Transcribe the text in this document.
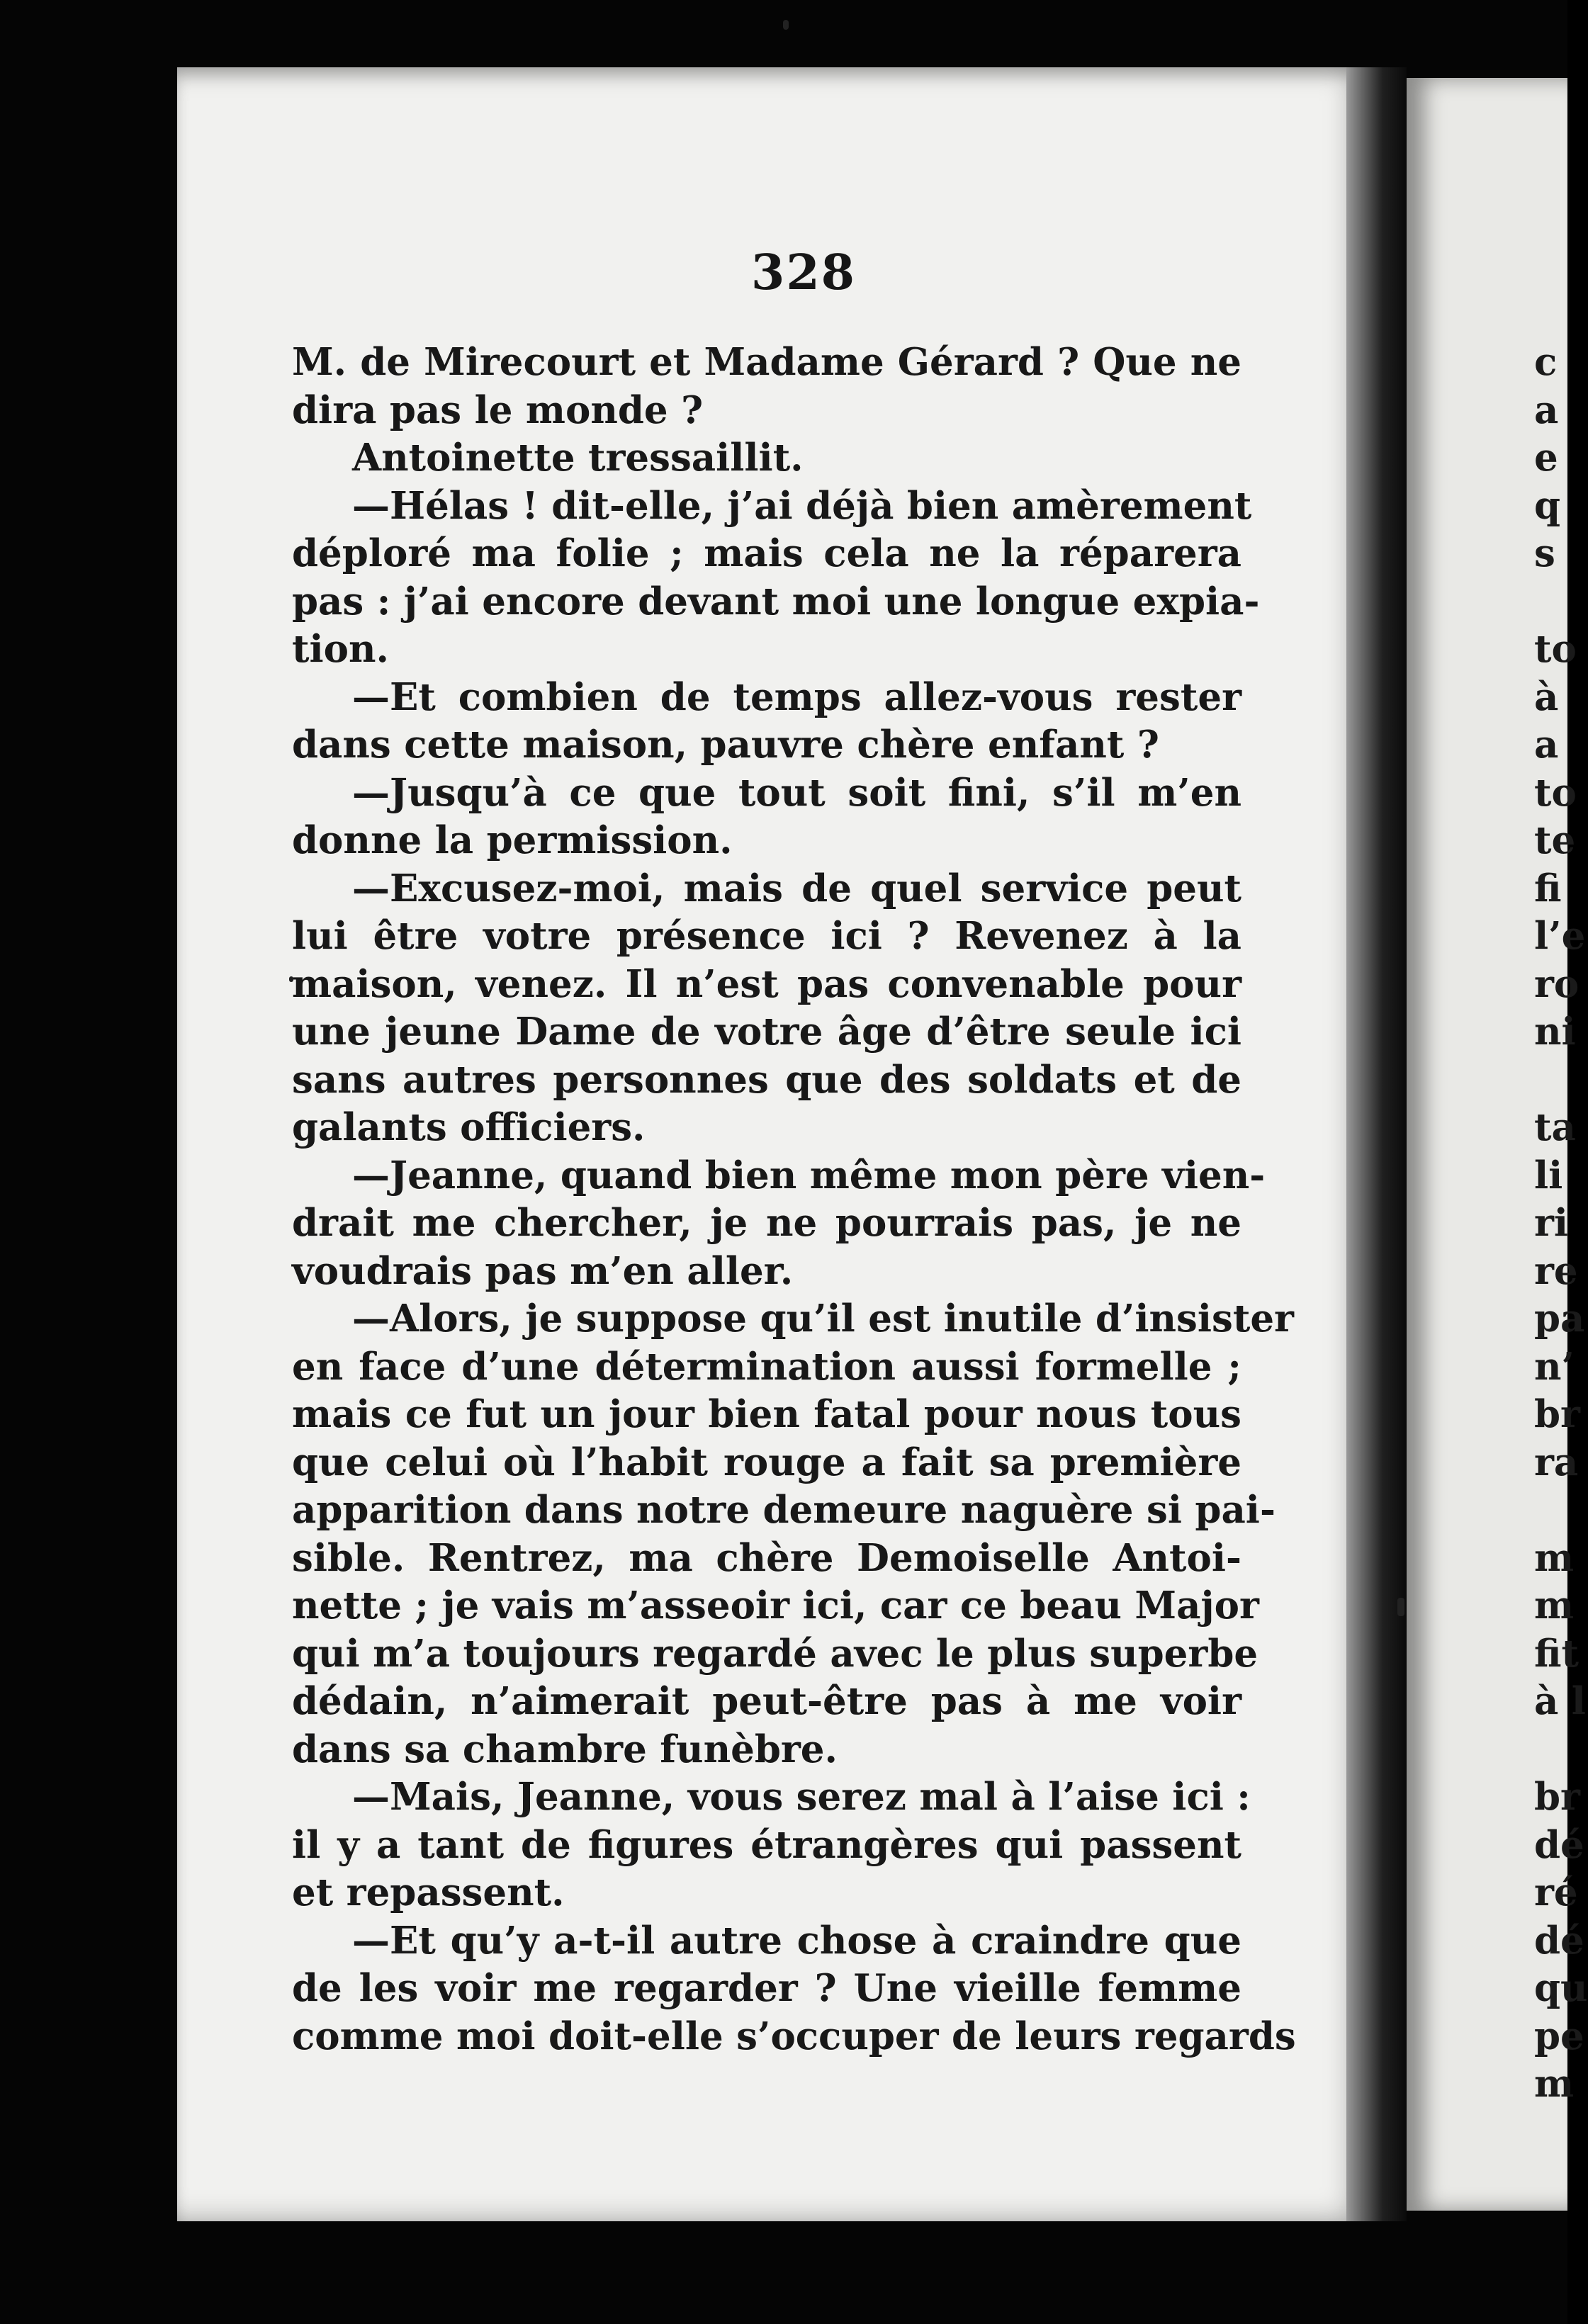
328
M. de Mirecourt et Madame Gérard ? Que ne
dira pas le monde ?
Antoinette tressaillit.
—Hélas ! dit-elle, j’ai déjà bien amèrement
déploré ma folie ; mais cela ne la réparera
pas : j’ai encore devant moi une longue expia-
tion.
—Et combien de temps allez-vous rester
dans cette maison, pauvre chère enfant ?
—Jusqu’à ce que tout soit fini, s’il m’en
donne la permission.
—Excusez-moi, mais de quel service peut
lui être votre présence ici ? Revenez à la
maison, venez. Il n’est pas convenable pour
une jeune Dame de votre âge d’être seule ici
sans autres personnes que des soldats et de
galants officiers.
—Jeanne, quand bien même mon père vien-
drait me chercher, je ne pourrais pas, je ne
voudrais pas m’en aller.
—Alors, je suppose qu’il est inutile d’insister
en face d’une détermination aussi formelle ;
mais ce fut un jour bien fatal pour nous tous
que celui où l’habit rouge a fait sa première
apparition dans notre demeure naguère si pai-
sible. Rentrez, ma chère Demoiselle Antoi-
nette ; je vais m’asseoir ici, car ce beau Major
qui m’a toujours regardé avec le plus superbe
dédain, n’aimerait peut-être pas à me voir
dans sa chambre funèbre.
—Mais, Jeanne, vous serez mal à l’aise ici :
il y a tant de figures étrangères qui passent
et repassent.
—Et qu’y a-t-il autre chose à craindre que
de les voir me regarder ? Une vieille femme
comme moi doit-elle s’occuper de leurs regards
c
a
e
q
s
to
à
a
to
te
fi
l’e
ro
ni
ta
li
ri
re
pa
n’
br
ra
m
m
fit
à l
br
dé
ré
dé
qu
pe
m
